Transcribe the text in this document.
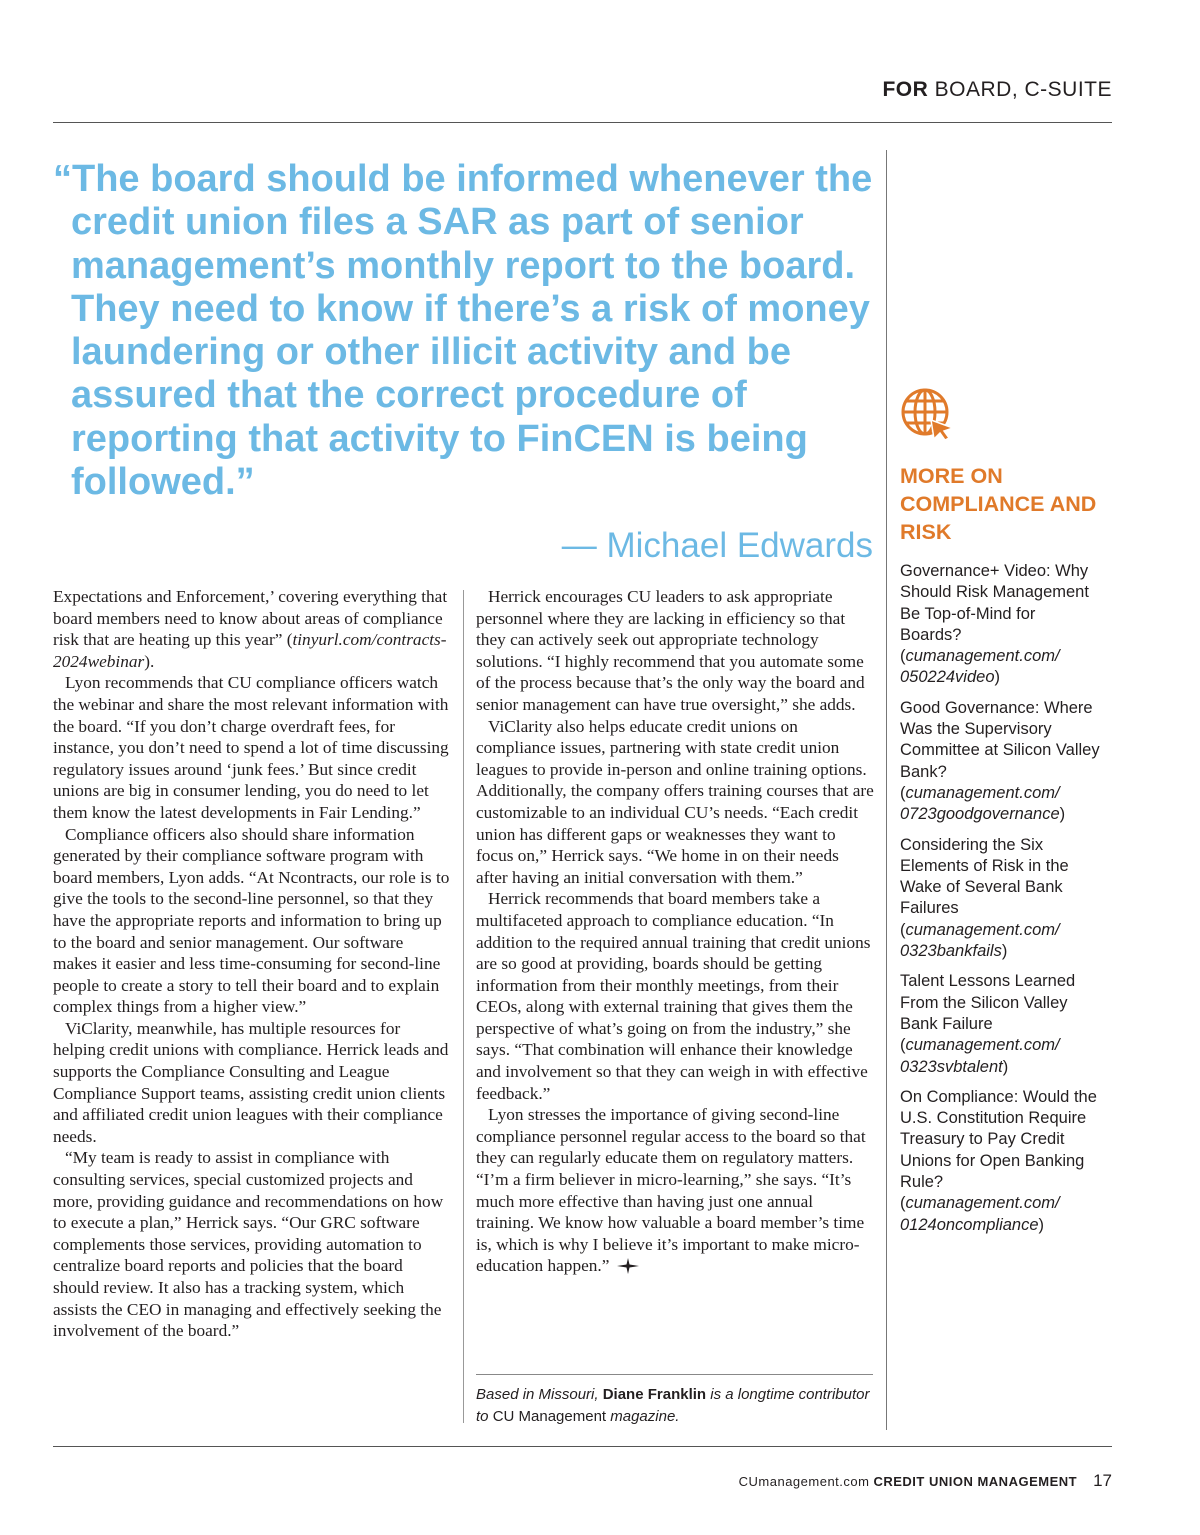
FOR BOARD, C-SUITE

“The board should be informed whenever the credit union files a SAR as part of senior management’s monthly report to the board. They need to know if there’s a risk of money laundering or other illicit activity and be assured that the correct procedure of reporting that activity to FinCEN is being followed.”

— Michael Edwards

Expectations and Enforcement,’ covering everything that board members need to know about areas of compliance risk that are heating up this year” (tinyurl.com/contracts-2024webinar).

Lyon recommends that CU compliance officers watch the webinar and share the most relevant information with the board. “If you don’t charge overdraft fees, for instance, you don’t need to spend a lot of time discussing regulatory issues around ‘junk fees.’ But since credit unions are big in consumer lending, you do need to let them know the latest developments in Fair Lending.”

Compliance officers also should share information generated by their compliance software program with board members, Lyon adds. “At Ncontracts, our role is to give the tools to the second-line personnel, so that they have the appropriate reports and information to bring up to the board and senior management. Our software makes it easier and less time-consuming for second-line people to create a story to tell their board and to explain complex things from a higher view.”

ViClarity, meanwhile, has multiple resources for helping credit unions with compliance. Herrick leads and supports the Compliance Consulting and League Compliance Support teams, assisting credit union clients and affiliated credit union leagues with their compliance needs.

“My team is ready to assist in compliance with consulting services, special customized projects and more, providing guidance and recommendations on how to execute a plan,” Herrick says. “Our GRC software complements those services, providing automation to centralize board reports and policies that the board should review. It also has a tracking system, which assists the CEO in managing and effectively seeking the involvement of the board.”

Herrick encourages CU leaders to ask appropriate personnel where they are lacking in efficiency so that they can actively seek out appropriate technology solutions. “I highly recommend that you automate some of the process because that’s the only way the board and senior management can have true oversight,” she adds.

ViClarity also helps educate credit unions on compliance issues, partnering with state credit union leagues to provide in-person and online training options. Additionally, the company offers training courses that are customizable to an individual CU’s needs. “Each credit union has different gaps or weaknesses they want to focus on,” Herrick says. “We home in on their needs after having an initial conversation with them.”

Herrick recommends that board members take a multifaceted approach to compliance education. “In addition to the required annual training that credit unions are so good at providing, boards should be getting information from their monthly meetings, from their CEOs, along with external training that gives them the perspective of what’s going on from the industry,” she says. “That combination will enhance their knowledge and involvement so that they can weigh in with effective feedback.”

Lyon stresses the importance of giving second-line compliance personnel regular access to the board so that they can regularly educate them on regulatory matters. “I’m a firm believer in micro-learning,” she says. “It’s much more effective than having just one annual training. We know how valuable a board member’s time is, which is why I believe it’s important to make micro-education happen.”

Based in Missouri, Diane Franklin is a longtime contributor to CU Management magazine.
MORE ON COMPLIANCE AND RISK
Governance+ Video: Why Should Risk Management Be Top-of-Mind for Boards?
(cumanagement.com/
050224video)
Good Governance: Where Was the Supervisory Committee at Silicon Valley Bank?
(cumanagement.com/
0723goodgovernance)
Considering the Six Elements of Risk in the Wake of Several Bank Failures
(cumanagement.com/
0323bankfails)
Talent Lessons Learned From the Silicon Valley Bank Failure
(cumanagement.com/
0323svbtalent)
On Compliance: Would the U.S. Constitution Require Treasury to Pay Credit Unions for Open Banking Rule?
(cumanagement.com/
0124oncompliance)
CUmanagement.com CREDIT UNION MANAGEMENT 17
